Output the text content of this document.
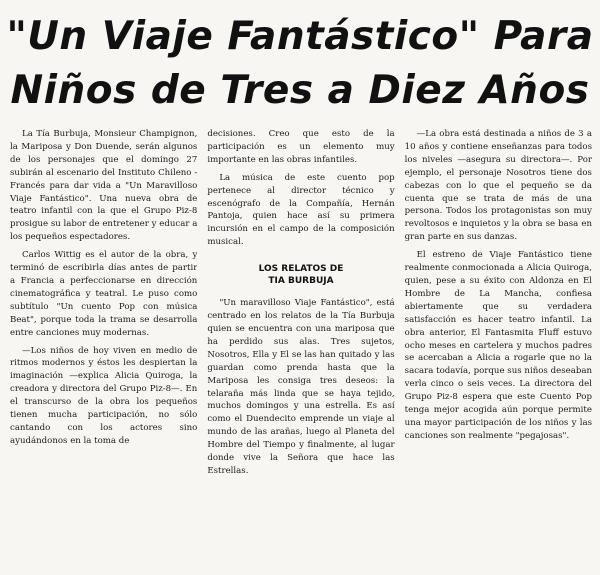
"Un Viaje Fantástico" Para
Niños de Tres a Diez Años

La Tía Burbuja, Monsieur Champignon, la Mariposa y Don Duende, serán algunos de los personajes que el domingo 27 subirán al escenario del Instituto Chileno - Francés para dar vida a "Un Maravilloso Viaje Fantástico". Una nueva obra de teatro infantil con la que el Grupo Piz-8 prosigue su labor de entretener y educar a los pequeños espectadores.

Carlos Wittig es el autor de la obra, y terminó de escribirla días antes de partir a Francia a perfeccionarse en dirección cinematográfica y teatral. Le puso como subtítulo "Un cuento Pop con música Beat", porque toda la trama se desarrolla entre canciones muy modernas.

—Los niños de hoy viven en medio de ritmos modernos y éstos les despiertan la imaginación —explica Alicia Quiroga, la creadora y directora del Grupo Piz-8—. En el transcurso de la obra los pequeños tienen mucha participación, no sólo cantando con los actores sino ayudándonos en la toma de

decisiones. Creo que esto de la participación es un elemento muy importante en las obras infantiles.

La música de este cuento pop pertenece al director técnico y escenógrafo de la Compañía, Hernán Pantoja, quien hace así su primera incursión en el campo de la composición musical.

LOS RELATOS DE
TIA BURBUJA

"Un maravilloso Viaje Fantástico", está centrado en los relatos de la Tía Burbuja quien se encuentra con una mariposa que ha perdido sus alas. Tres sujetos, Nosotros, Ella y El se las han quitado y las guardan como prenda hasta que la Mariposa les consiga tres deseos: la telaraña más linda que se haya tejido, muchos domingos y una estrella. Es así como el Duendecito emprende un viaje al mundo de las arañas, luego al Planeta del Hombre del Tiempo y finalmente, al lugar donde vive la Señora que hace las Estrellas.

—La obra está destinada a niños de 3 a 10 años y contiene enseñanzas para todos los niveles —asegura su directora—. Por ejemplo, el personaje Nosotros tiene dos cabezas con lo que el pequeño se da cuenta que se trata de más de una persona. Todos los protagonistas son muy revoltosos e inquietos y la obra se basa en gran parte en sus danzas.

El estreno de Viaje Fantástico tiene realmente conmocionada a Alicia Quiroga, quien, pese a su éxito con Aldonza en El Hombre de La Mancha, confiesa abiertamente que su verdadera satisfacción es hacer teatro infantil. La obra anterior, El Fantasmita Fluff estuvo ocho meses en cartelera y muchos padres se acercaban a Alicia a rogarle que no la sacara todavía, porque sus niños deseaban verla cinco o seis veces. La directora del Grupo Piz-8 espera que este Cuento Pop tenga mejor acogida aún porque permite una mayor participación de los niños y las canciones son realmente "pegajosas".
